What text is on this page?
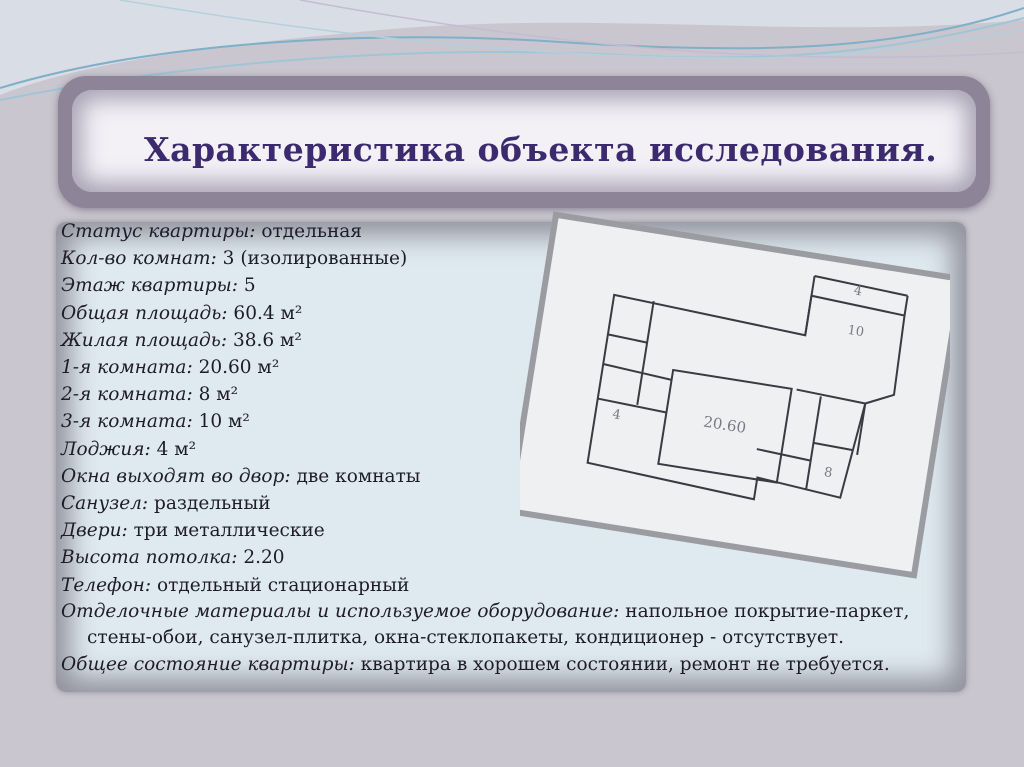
Характеристика объекта исследования.
4
10
20.60
4
8
Статус квартиры: отдельная
Кол-во комнат: 3 (изолированные)
Этаж квартиры: 5
Общая площадь: 60.4 м²
Жилая площадь: 38.6 м²
1-я комната: 20.60 м²
2-я комната: 8 м²
3-я комната: 10 м²
Лоджия: 4 м²
Окна выходят во двор: две комнаты
Санузел: раздельный
Двери: три металлические
Высота потолка: 2.20
Телефон: отдельный стационарный
Отделочные материалы и используемое оборудование: напольное покрытие-паркет, стены-обои, санузел-плитка, окна-стеклопакеты, кондиционер - отсутствует.
Общее состояние квартиры: квартира в хорошем состоянии, ремонт не требуется.
